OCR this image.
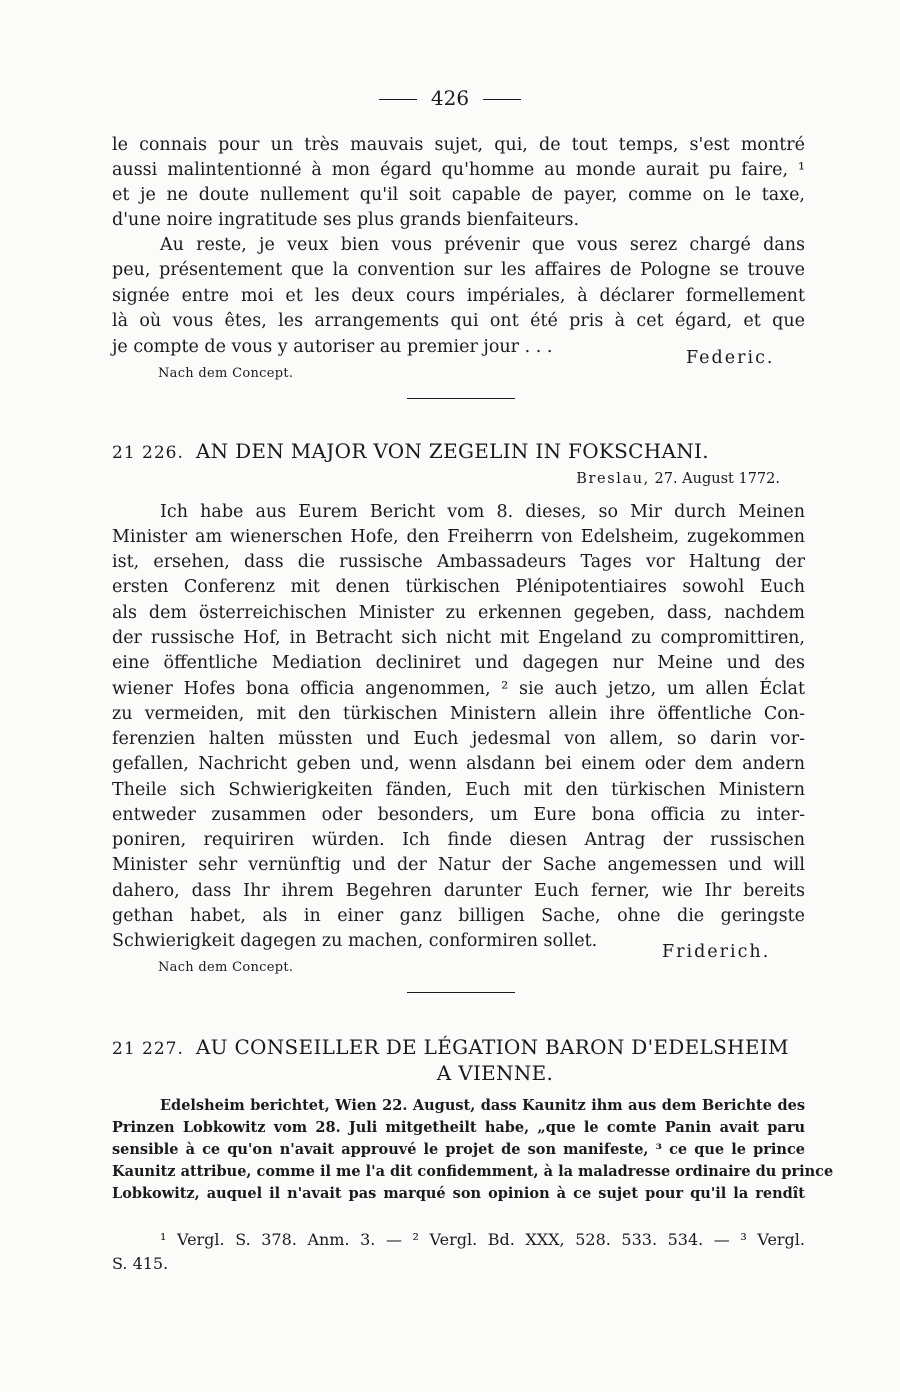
426
le connais pour un très mauvais sujet, qui, de tout temps, s'est montré
aussi malintentionné à mon égard qu'homme au monde aurait pu faire, ¹
et je ne doute nullement qu'il soit capable de payer, comme on le taxe,
d'une noire ingratitude ses plus grands bienfaiteurs.
Au reste, je veux bien vous prévenir que vous serez chargé dans
peu, présentement que la convention sur les affaires de Pologne se trouve
signée entre moi et les deux cours impériales, à déclarer formellement
là où vous êtes, les arrangements qui ont été pris à cet égard, et que
je compte de vous y autoriser au premier jour . . .
Federic.
Nach dem Concept.
21 226. AN DEN MAJOR VON ZEGELIN IN FOKSCHANI.
Breslau, 27. August 1772.
Ich habe aus Eurem Bericht vom 8. dieses, so Mir durch Meinen
Minister am wienerschen Hofe, den Freiherrn von Edelsheim, zugekommen
ist, ersehen, dass die russische Ambassadeurs Tages vor Haltung der
ersten Conferenz mit denen türkischen Plénipotentiaires sowohl Euch
als dem österreichischen Minister zu erkennen gegeben, dass, nachdem
der russische Hof, in Betracht sich nicht mit Engeland zu compromittiren,
eine öffentliche Mediation decliniret und dagegen nur Meine und des
wiener Hofes bona officia angenommen, ² sie auch jetzo, um allen Éclat
zu vermeiden, mit den türkischen Ministern allein ihre öffentliche Con-
ferenzien halten müssten und Euch jedesmal von allem, so darin vor-
gefallen, Nachricht geben und, wenn alsdann bei einem oder dem andern
Theile sich Schwierigkeiten fänden, Euch mit den türkischen Ministern
entweder zusammen oder besonders, um Eure bona officia zu inter-
poniren, requiriren würden. Ich finde diesen Antrag der russischen
Minister sehr vernünftig und der Natur der Sache angemessen und will
dahero, dass Ihr ihrem Begehren darunter Euch ferner, wie Ihr bereits
gethan habet, als in einer ganz billigen Sache, ohne die geringste
Schwierigkeit dagegen zu machen, conformiren sollet.
Friderich.
Nach dem Concept.
21 227. AU CONSEILLER DE LÉGATION BARON D'EDELSHEIM
A VIENNE.
Edelsheim berichtet, Wien 22. August, dass Kaunitz ihm aus dem Berichte des
Prinzen Lobkowitz vom 28. Juli mitgetheilt habe, „que le comte Panin avait paru
sensible à ce qu'on n'avait approuvé le projet de son manifeste, ³ ce que le prince
Kaunitz attribue, comme il me l'a dit confidemment, à la maladresse ordinaire du prince
Lobkowitz, auquel il n'avait pas marqué son opinion à ce sujet pour qu'il la rendît
¹ Vergl. S. 378. Anm. 3. — ² Vergl. Bd. XXX, 528. 533. 534. — ³ Vergl.
S. 415.
